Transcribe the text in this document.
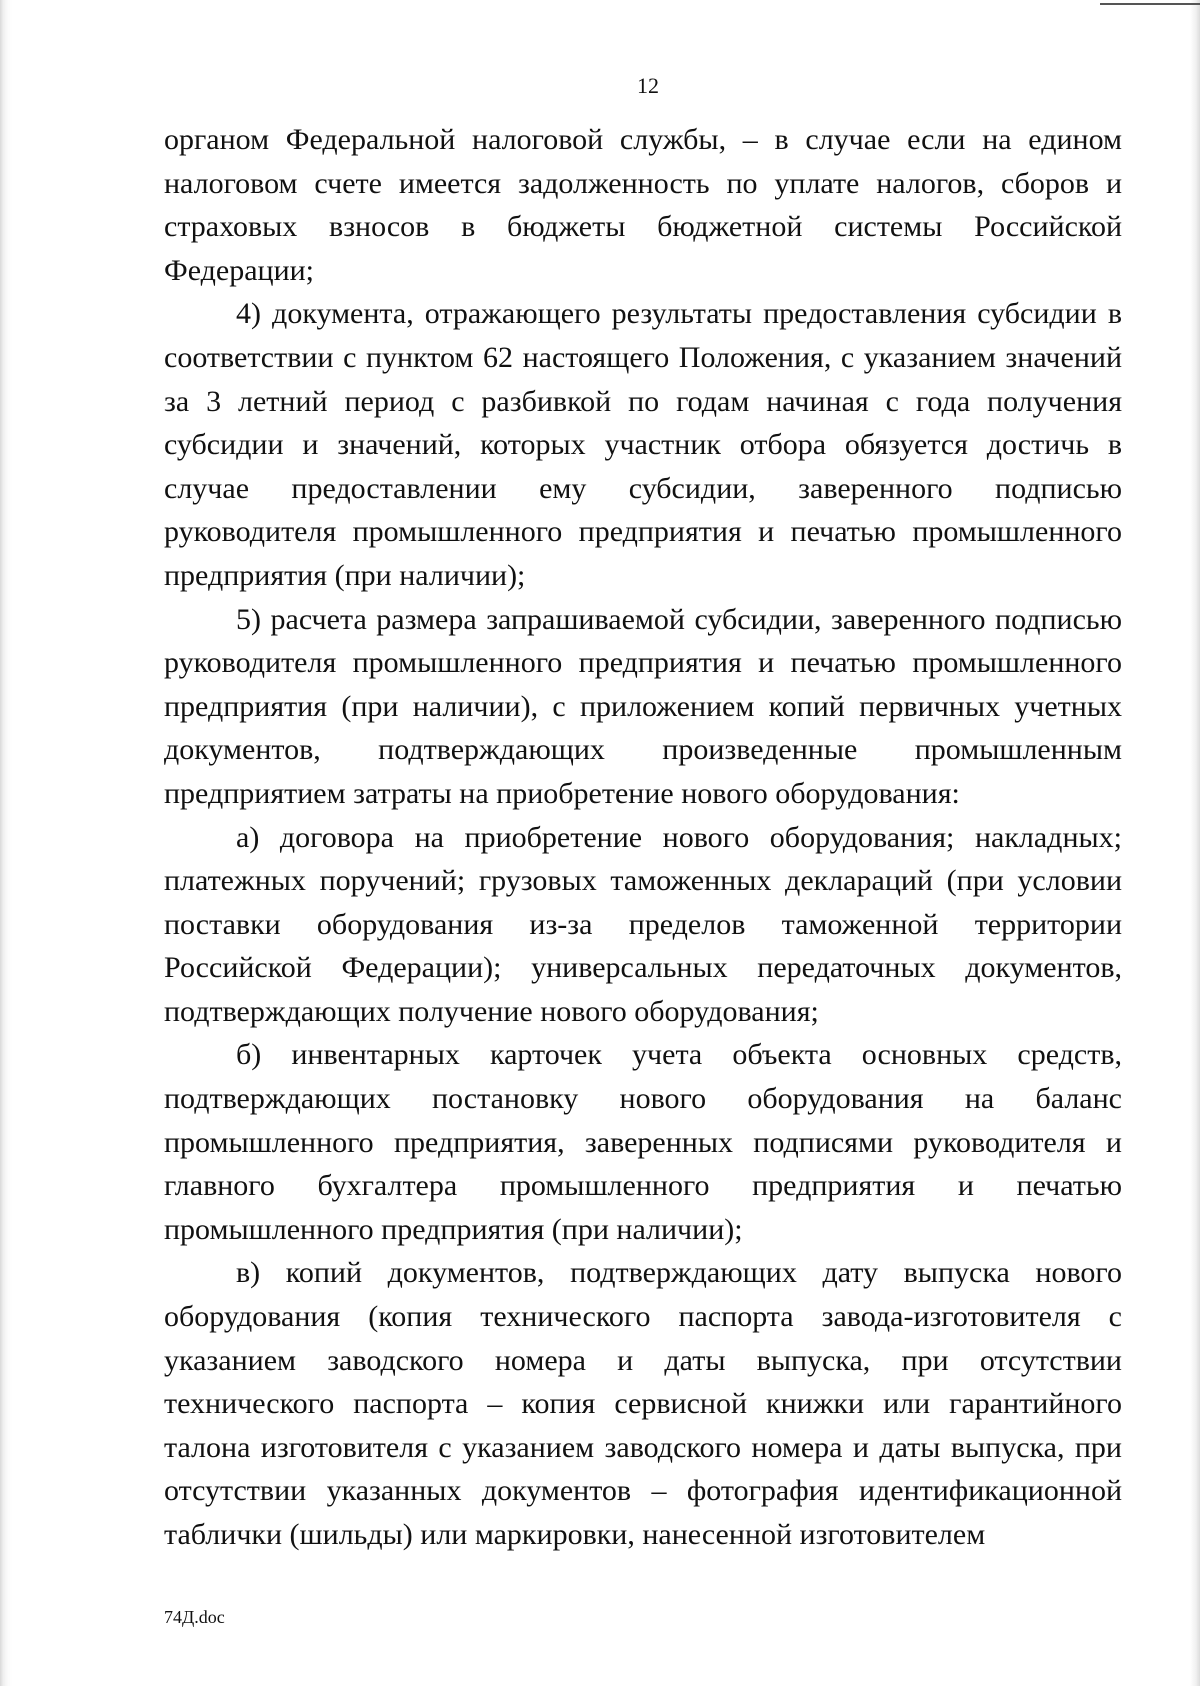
12

органом Федеральной налоговой службы, – в случае если на едином налоговом счете имеется задолженность по уплате налогов, сборов и страховых взносов в бюджеты бюджетной системы Российской Федерации;

4) документа, отражающего результаты предоставления субсидии в соответствии с пунктом 62 настоящего Положения, с указанием значений за 3 летний период с разбивкой по годам начиная с года получения субсидии и значений, которых участник отбора обязуется достичь в случае предоставлении ему субсидии, заверенного подписью руководителя промышленного предприятия и печатью промышленного предприятия (при наличии);

5) расчета размера запрашиваемой субсидии, заверенного подписью руководителя промышленного предприятия и печатью промышленного предприятия (при наличии), с приложением копий первичных учетных документов, подтверждающих произведенные промышленным предприятием затраты на приобретение нового оборудования:

а) договора на приобретение нового оборудования; накладных; платежных поручений; грузовых таможенных деклараций (при условии поставки оборудования из-за пределов таможенной территории Российской Федерации); универсальных передаточных документов, подтверждающих получение нового оборудования;

б) инвентарных карточек учета объекта основных средств, подтверждающих постановку нового оборудования на баланс промышленного предприятия, заверенных подписями руководителя и главного бухгалтера промышленного предприятия и печатью промышленного предприятия (при наличии);

в) копий документов, подтверждающих дату выпуска нового оборудования (копия технического паспорта завода-изготовителя с указанием заводского номера и даты выпуска, при отсутствии технического паспорта – копия сервисной книжки или гарантийного талона изготовителя с указанием заводского номера и даты выпуска, при отсутствии указанных документов – фотография идентификационной таблички (шильды) или маркировки, нанесенной изготовителем

74Д.doc
